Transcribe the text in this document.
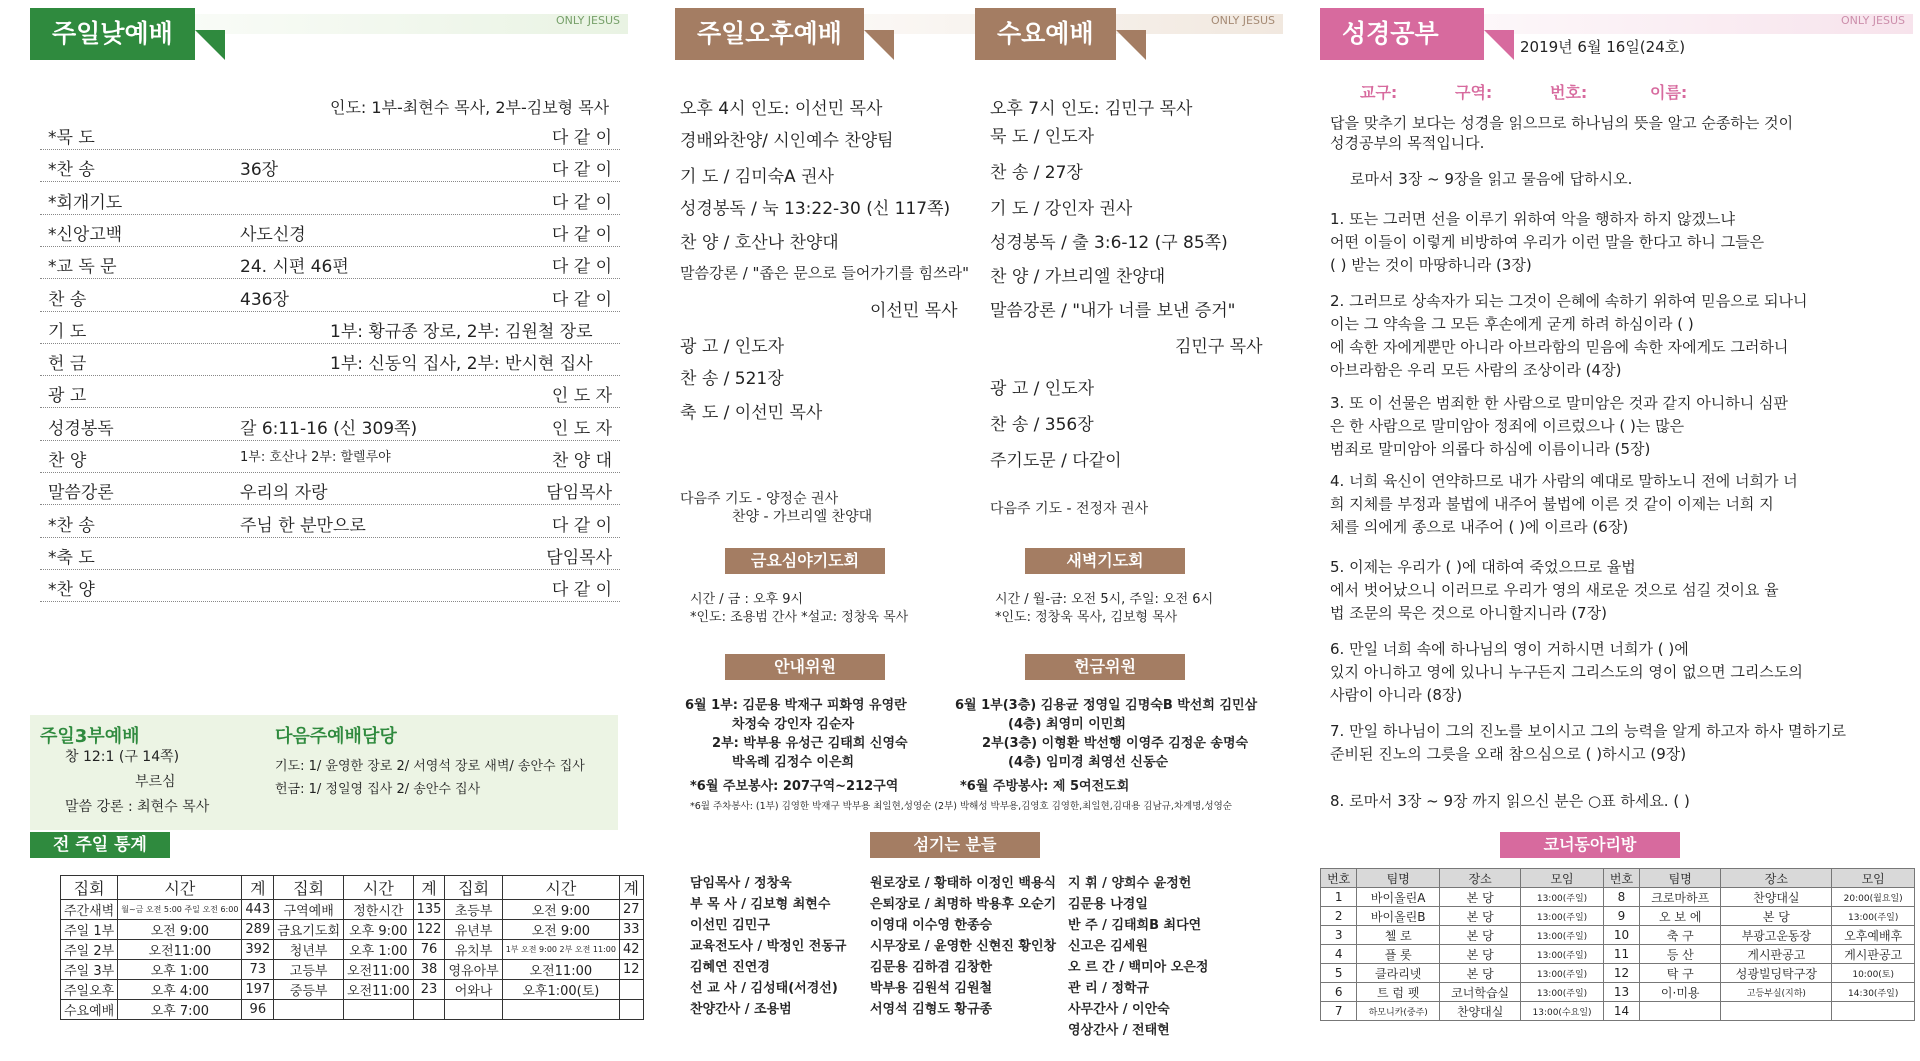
ONLY JESUS
주일낮예배
인도: 1부-최현수 목사, 2부-김보형 목사
*묵 도	다 같 이
*찬 송	36장	다 같 이
*회개기도	다 같 이
*신앙고백	사도신경	다 같 이
*교 독 문	24. 시편 46편	다 같 이
찬 송	436장	다 같 이
기 도	1부: 황규종 장로, 2부: 김원철 장로
헌 금	1부: 신동익 집사, 2부: 반시현 집사
광 고	인 도 자
성경봉독	갈 6:11-16 (신 309쪽)	인 도 자
찬 양	1부: 호산나 2부: 할렐루야	찬 양 대
말씀강론	우리의 자랑	담임목사
*찬 송	주님 한 분만으로	다 같 이
*축 도	담임목사
*찬 양	다 같 이
주일3부예배
창 12:1 (구 14쪽)
부르심
말씀 강론 : 최현수 목사
다음주예배담당
기도: 1/ 윤영한 장로 2/ 서영석 장로 새벽/ 송안수 집사
헌금: 1/ 정일영 집사 2/ 송안수 집사
전 주일 통계
집회	시간	계	집회	시간	계	집회	시간	계
주간새벽	월~금 오전 5:00 주일 오전 6:00	443	구역예배	정한시간	135	초등부	오전 9:00	27
주일 1부	오전 9:00	289	금요기도회	오후 9:00	122	유년부	오전 9:00	33
주일 2부	오전11:00	392	청년부	오후 1:00	76	유치부	1부 오전 9:00 2부 오전 11:00	42
주일 3부	오후 1:00	73	고등부	오전11:00	38	영유아부	오전11:00	12
주일오후	오후 4:00	197	중등부	오전11:00	23	어와나	오후1:00(토)	
수요예배	오후 7:00	96						
ONLY JESUS
주일오후예배	수요예배
오후 4시 인도: 이선민 목사
경배와찬양/ 시인예수 찬양팀
기 도 / 김미숙A 권사
성경봉독 / 눅 13:22-30 (신 117쪽)
찬 양 / 호산나 찬양대
말씀강론 / "좁은 문으로 들어가기를 힘쓰라"
이선민 목사
광 고 / 인도자
찬 송 / 521장
축 도 / 이선민 목사
오후 7시 인도: 김민구 목사
묵 도 / 인도자
찬 송 / 27장
기 도 / 강인자 권사
성경봉독 / 출 3:6-12 (구 85쪽)
찬 양 / 가브리엘 찬양대
말씀강론 / "내가 너를 보낸 증거"
김민구 목사
광 고 / 인도자
찬 송 / 356장
주기도문 / 다같이
다음주 기도 - 양정순 권사
찬양 - 가브리엘 찬양대	다음주 기도 - 전정자 권사
금요심야기도회
시간 / 금 : 오후 9시
*인도: 조용범 간사 *설교: 정창욱 목사
새벽기도회
시간 / 월-금: 오전 5시, 주일: 오전 6시
*인도: 정창욱 목사, 김보형 목사
안내위원
6월 1부: 김문용 박재구 피화영 유영란
차정숙 강인자 김순자
2부: 박부용 유성근 김태희 신영숙
박옥례 김정수 이은희
*6월 주보봉사: 207구역~212구역
*6월 주차봉사: (1부) 김영한 박재구 박부용 최일현,성영순 (2부) 박해성 박부용,김영호 김영한,최일현,김대용 김남규,차계명,성영순
헌금위원
6월 1부(3층) 김용균 정영일 김명숙B 박선희 김민삼
(4층) 최영미 이민희
2부(3층) 이형환 박선행 이영주 김정운 송명숙
(4층) 임미경 최영선 신동순
*6월 주방봉사: 제 5여전도회
섬기는 분들
담임목사 / 정창욱
부 목 사 / 김보형 최현수
이선민 김민구
교육전도사 / 박정인 전동규
김혜연 진연경
선 교 사 / 김성태(서경선)
찬양간사 / 조용범
원로장로 / 황태하 이정인 백용식
은퇴장로 / 최명하 박용후 오순기
이영대 이수영 한종승
시무장로 / 윤영한 신현진 황인창
김문용 김하겸 김창한
박부용 김원석 김원철
서영석 김형도 황규종
지 휘 / 양희수 윤정헌
김문용 나경일
반 주 / 김태희B 최다연
신고은 김세원
오 르 간 / 백미아 오은정
관 리 / 정학규
사무간사 / 이안숙
영상간사 / 전태현
ONLY JESUS
성경공부	2019년 6월 16일(24호)
교구:	구역:	번호:	이름:
답을 맞추기 보다는 성경을 읽으므로 하나님의 뜻을 알고 순종하는 것이
성경공부의 목적입니다.
로마서 3장 ~ 9장을 읽고 물음에 답하시오.
1. 또는 그러면 선을 이루기 위하여 악을 행하자 하지 않겠느냐
어떤 이들이 이렇게 비방하여 우리가 이런 말을 한다고 하니 그들은
( ) 받는 것이 마땅하니라 (3장)
2. 그러므로 상속자가 되는 그것이 은혜에 속하기 위하여 믿음으로 되나니
이는 그 약속을 그 모든 후손에게 굳게 하려 하심이라 ( )
에 속한 자에게뿐만 아니라 아브라함의 믿음에 속한 자에게도 그러하니
아브라함은 우리 모든 사람의 조상이라 (4장)
3. 또 이 선물은 범죄한 한 사람으로 말미암은 것과 같지 아니하니 심판
은 한 사람으로 말미암아 정죄에 이르렀으나 ( )는 많은
범죄로 말미암아 의롭다 하심에 이름이니라 (5장)
4. 너희 육신이 연약하므로 내가 사람의 예대로 말하노니 전에 너희가 너
희 지체를 부정과 불법에 내주어 불법에 이른 것 같이 이제는 너희 지
체를 의에게 종으로 내주어 ( )에 이르라 (6장)
5. 이제는 우리가 ( )에 대하여 죽었으므로 율법
에서 벗어났으니 이러므로 우리가 영의 새로운 것으로 섬길 것이요 율
법 조문의 묵은 것으로 아니할지니라 (7장)
6. 만일 너희 속에 하나님의 영이 거하시면 너희가 ( )에
있지 아니하고 영에 있나니 누구든지 그리스도의 영이 없으면 그리스도의
사람이 아니라 (8장)
7. 만일 하나님이 그의 진노를 보이시고 그의 능력을 알게 하고자 하사 멸하기로
준비된 진노의 그릇을 오래 참으심으로 ( )하시고 (9장)
8. 로마서 3장 ~ 9장 까지 읽으신 분은 ○표 하세요. ( )
코너동아리방
번호	팀명	장소	모임	번호	팀명	장소	모임
1	바이올린A	본 당	13:00(주일)	8	크로마하프	찬양대실	20:00(월요일)
2	바이올린B	본 당	13:00(주일)	9	오 보 에	본 당	13:00(주일)
3	첼 로	본 당	13:00(주일)	10	축 구	부광고운동장	오후예배후
4	플 롯	본 당	13:00(주일)	11	등 산	게시판공고	게시판공고
5	클라리넷	본 당	13:00(주일)	12	탁 구	성광빌딩탁구장	10:00(토)
6	트 럼 펫	코너학습실	13:00(주일)	13	이·미용	고등부실(지하)	14:30(주일)
7	하모니카(중주)	찬양대실	13:00(수요일)	14			
